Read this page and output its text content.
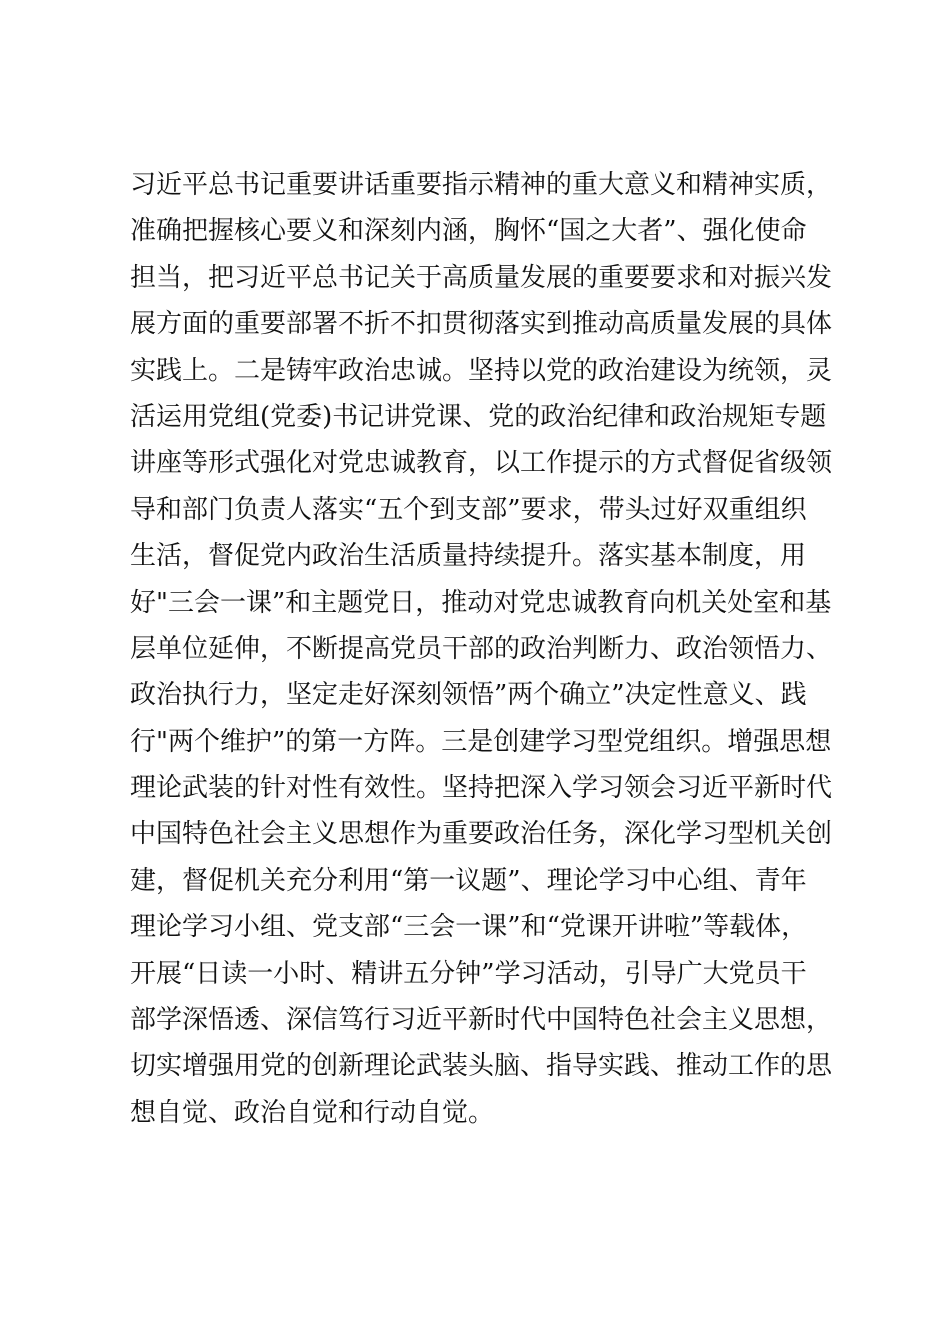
习近平总书记重要讲话重要指示精神的重大意义和精神实质，
准确把握核心要义和深刻内涵，胸怀“国之大者”、强化使命
担当，把习近平总书记关于高质量发展的重要要求和对振兴发
展方面的重要部署不折不扣贯彻落实到推动高质量发展的具体
实践上。二是铸牢政治忠诚。坚持以党的政治建设为统领，灵
活运用党组(党委)书记讲党课、党的政治纪律和政治规矩专题
讲座等形式强化对党忠诚教育，以工作提示的方式督促省级领
导和部门负责人落实“五个到支部”要求，带头过好双重组织
生活，督促党内政治生活质量持续提升。落实基本制度，用
好"三会一课”和主题党日，推动对党忠诚教育向机关处室和基
层单位延伸，不断提高党员干部的政治判断力、政治领悟力、
政治执行力，坚定走好深刻领悟”两个确立”决定性意义、践
行"两个维护”的第一方阵。三是创建学习型党组织。增强思想
理论武装的针对性有效性。坚持把深入学习领会习近平新时代
中国特色社会主义思想作为重要政治任务，深化学习型机关创
建，督促机关充分利用“第一议题”、理论学习中心组、青年
理论学习小组、党支部“三会一课”和“党课开讲啦”等载体，
开展“日读一小时、精讲五分钟”学习活动，引导广大党员干
部学深悟透、深信笃行习近平新时代中国特色社会主义思想，
切实增强用党的创新理论武装头脑、指导实践、推动工作的思
想自觉、政治自觉和行动自觉。
